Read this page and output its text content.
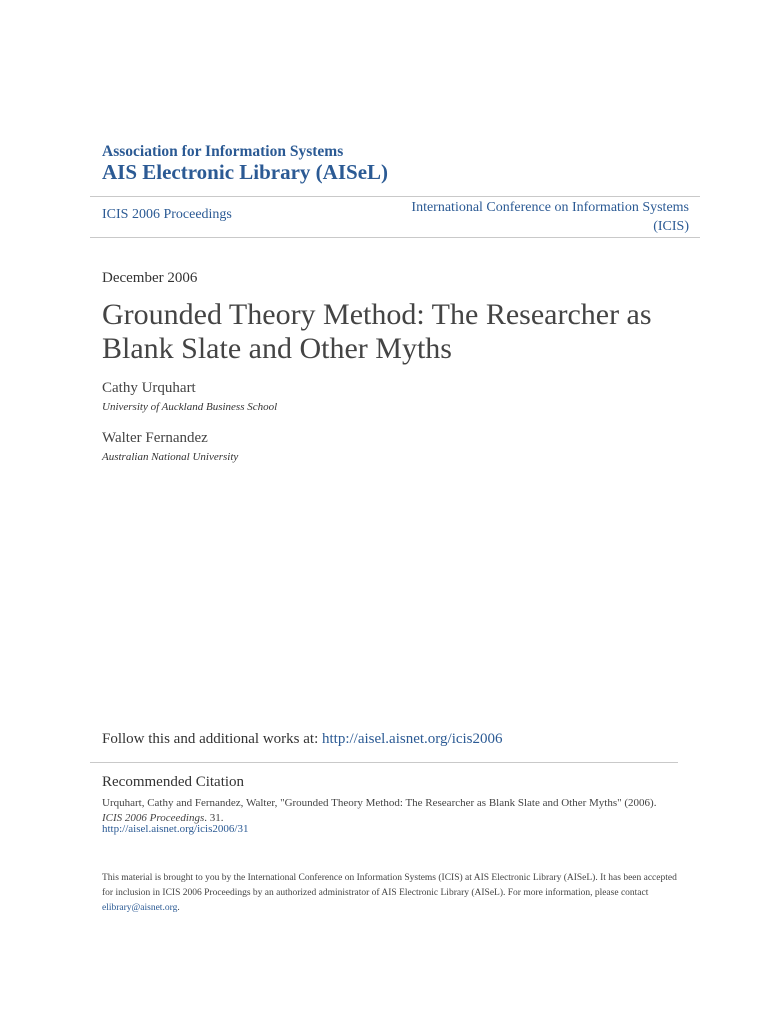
Association for Information Systems
AIS Electronic Library (AISeL)
ICIS 2006 Proceedings	International Conference on Information Systems
(ICIS)
December 2006
Grounded Theory Method: The Researcher as
Blank Slate and Other Myths
Cathy Urquhart
University of Auckland Business School
Walter Fernandez
Australian National University
Follow this and additional works at: http://aisel.aisnet.org/icis2006
Recommended Citation
Urquhart, Cathy and Fernandez, Walter, "Grounded Theory Method: The Researcher as Blank Slate and Other Myths" (2006). ICIS 2006 Proceedings. 31.
http://aisel.aisnet.org/icis2006/31
This material is brought to you by the International Conference on Information Systems (ICIS) at AIS Electronic Library (AISeL). It has been accepted for inclusion in ICIS 2006 Proceedings by an authorized administrator of AIS Electronic Library (AISeL). For more information, please contact elibrary@aisnet.org.
